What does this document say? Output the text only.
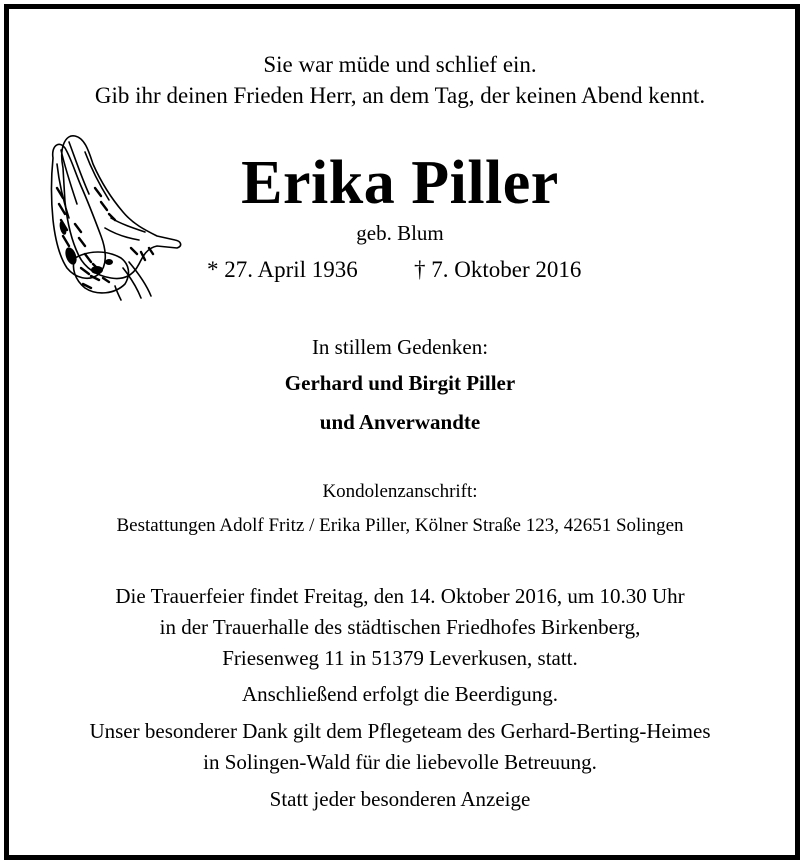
Sie war müde und schlief ein.
Gib ihr deinen Frieden Herr, an dem Tag, der keinen Abend kennt.
Erika Piller
geb. Blum
* 27. April 1936 † 7. Oktober 2016
In stillem Gedenken:
Gerhard und Birgit Piller
und Anverwandte
Kondolenzanschrift:
Bestattungen Adolf Fritz / Erika Piller, Kölner Straße 123, 42651 Solingen
Die Trauerfeier findet Freitag, den 14. Oktober 2016, um 10.30 Uhr
in der Trauerhalle des städtischen Friedhofes Birkenberg,
Friesenweg 11 in 51379 Leverkusen, statt.
Anschließend erfolgt die Beerdigung.
Unser besonderer Dank gilt dem Pflegeteam des Gerhard-Berting-Heimes
in Solingen-Wald für die liebevolle Betreuung.
Statt jeder besonderen Anzeige
